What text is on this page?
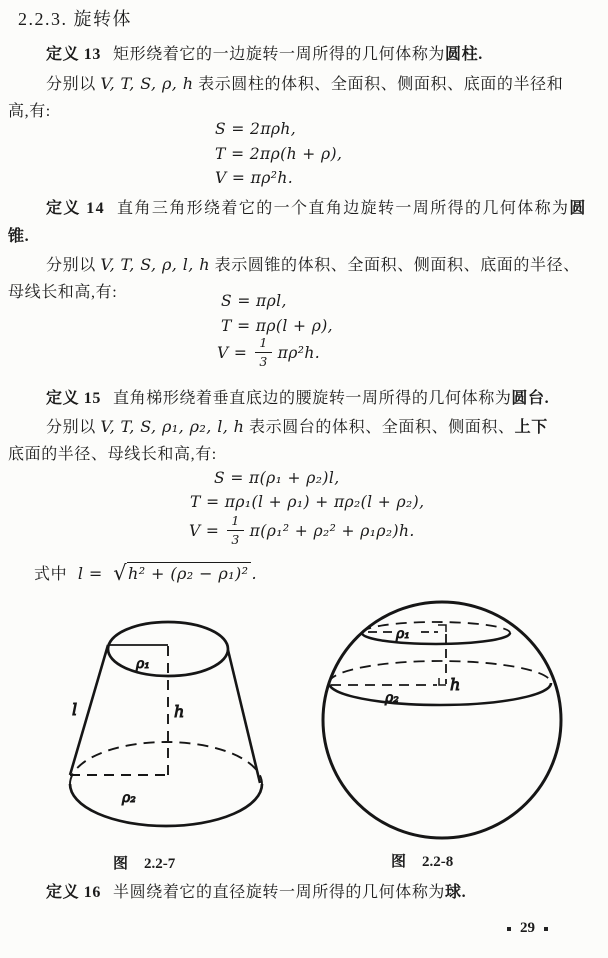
2.2.3. 旋转体
定义 13 矩形绕着它的一边旋转一周所得的几何体称为圆柱.
分别以 V, T, S, ρ, h 表示圆柱的体积、全面积、侧面积、底面的半径和
高,有:
S = 2πρh,
T = 2πρ(h + ρ),
V = πρ²h.
定义 14 直角三角形绕着它的一个直角边旋转一周所得的几何体称为圆
锥.
分别以 V, T, S, ρ, l, h 表示圆锥的体积、全面积、侧面积、底面的半径、
母线长和高,有:	S = πρl,
T = πρ(l + ρ),
$V = \frac{1}{3} \pi\rho^2h$.
定义 15 直角梯形绕着垂直底边的腰旋转一周所得的几何体称为圆台.
分别以 V, T, S, ρ₁, ρ₂, l, h 表示圆台的体积、全面积、侧面积、上下
底面的半径、母线长和高,有:
S = π(ρ₁ + ρ₂)l,
T = πρ₁(l + ρ₁) + πρ₂(l + ρ₂),
$V = \frac{1}{3} \pi(\rho_1^2 + \rho_2^2 + \rho_1\rho_2)h$.
式中 l = √h² + (ρ₂ − ρ₁)² .
ρ₁
l	h
ρ₂
ρ₁
h
ρ₂
图 2.2-7	图 2.2-8
定义 16 半圆绕着它的直径旋转一周所得的几何体称为球.
29
